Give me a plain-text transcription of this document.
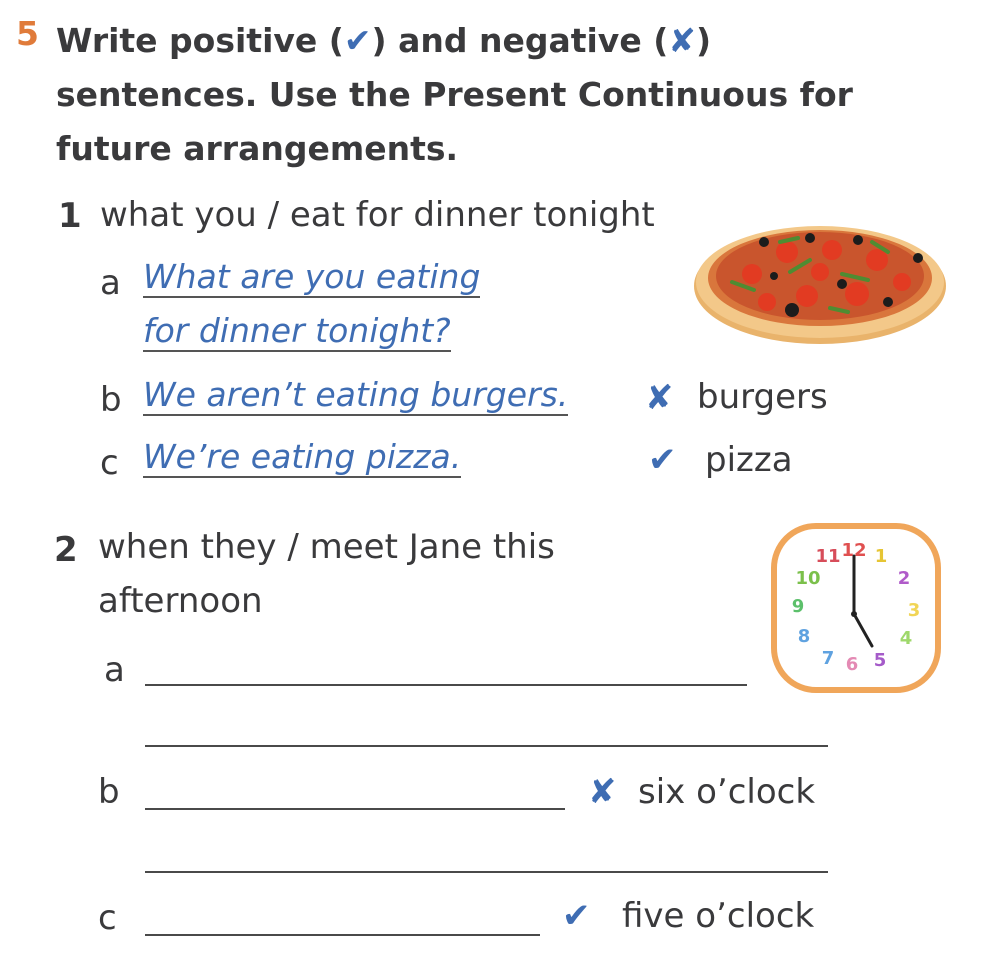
5 Write positive (✔) and negative (✘) sentences. Use the Present Continuous for future arrangements.
1 what you / eat for dinner tonight
a What are you eating
for dinner tonight?
b We aren’t eating burgers. ✘ burgers
c We’re eating pizza.	✔ pizza
2 when they / meet Jane this
afternoon
12 1
2
3
4
5
6
7
8
9
10
11
a
b	✘ six o’clock
c	✔ five o’clock
